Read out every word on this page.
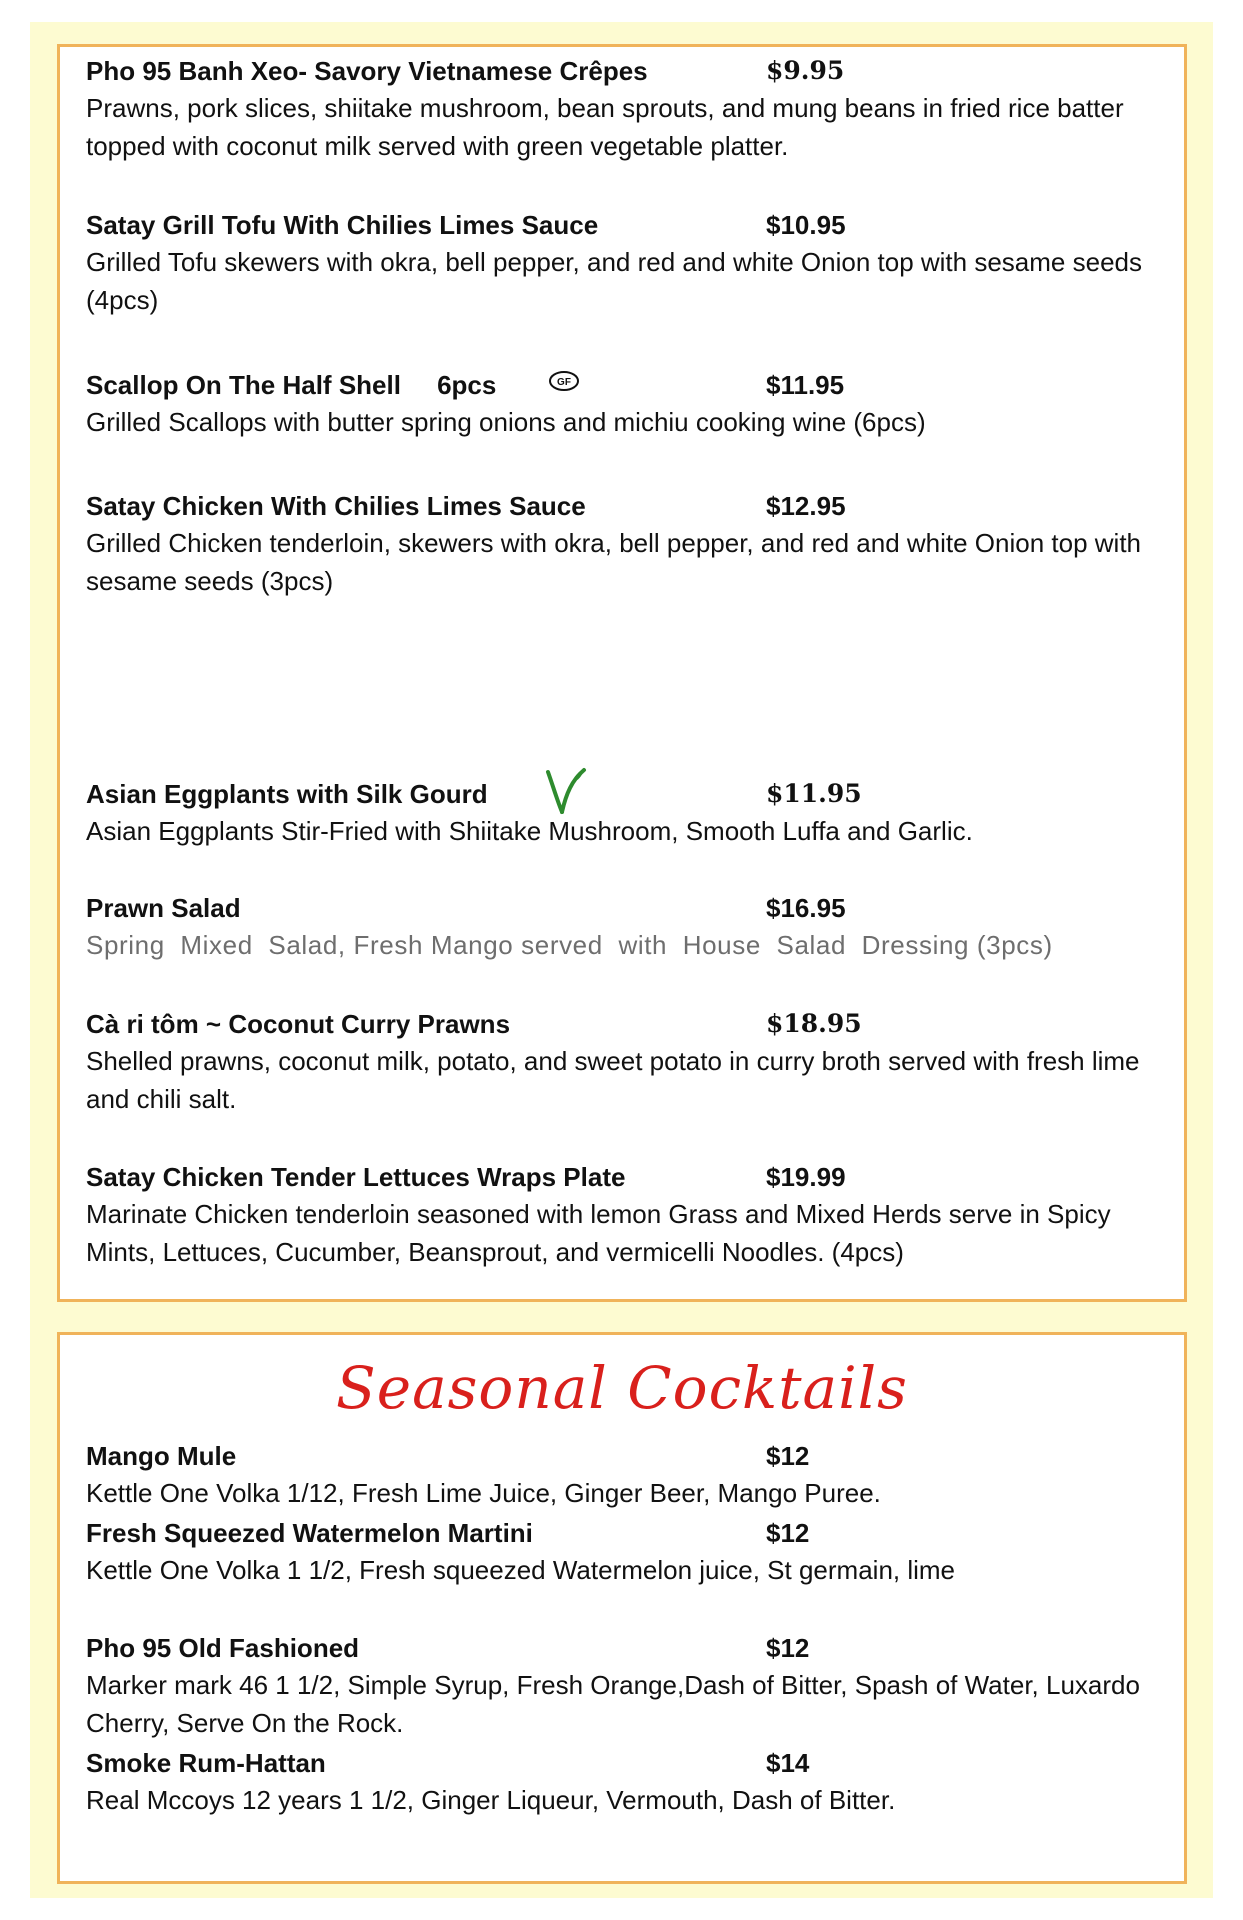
Pho 95 Banh Xeo- Savory Vietnamese Crêpes	$9.95
Prawns, pork slices, shiitake mushroom, bean sprouts, and mung beans in fried rice batter topped with coconut milk served with green vegetable platter.
Satay Grill Tofu With Chilies Limes Sauce	$10.95
Grilled Tofu skewers with okra, bell pepper, and red and white Onion top with sesame seeds (4pcs)
Scallop On The Half Shell     6pcs	GF	$11.95
Grilled Scallops with butter spring onions and michiu cooking wine (6pcs)
Satay Chicken With Chilies Limes Sauce	$12.95
Grilled Chicken tenderloin, skewers with okra, bell pepper, and red and white Onion top with sesame seeds (3pcs)
Asian Eggplants with Silk Gourd	$11.95
Asian Eggplants Stir-Fried with Shiitake Mushroom, Smooth Luffa and Garlic.
Prawn Salad	$16.95
Spring  Mixed  Salad, Fresh Mango served  with  House  Salad  Dressing (3pcs)
Cà ri tôm ~ Coconut Curry Prawns	$18.95
Shelled prawns, coconut milk, potato, and sweet potato in curry broth served with fresh lime and chili salt.
Satay Chicken Tender Lettuces Wraps Plate	$19.99
Marinate Chicken tenderloin seasoned with lemon Grass and Mixed Herds serve in Spicy Mints, Lettuces, Cucumber, Beansprout, and vermicelli Noodles. (4pcs)
Seasonal Cocktails
Mango Mule	$12
Kettle One Volka 1/12, Fresh Lime Juice, Ginger Beer, Mango Puree.
Fresh Squeezed Watermelon Martini	$12
Kettle One Volka 1 1/2, Fresh squeezed Watermelon juice, St germain, lime
Pho 95 Old Fashioned	$12
Marker mark 46 1 1/2, Simple Syrup, Fresh Orange,Dash of Bitter, Spash of Water, Luxardo Cherry, Serve On the Rock.
Smoke Rum-Hattan	$14
Real Mccoys 12 years 1 1/2, Ginger Liqueur, Vermouth, Dash of Bitter.
